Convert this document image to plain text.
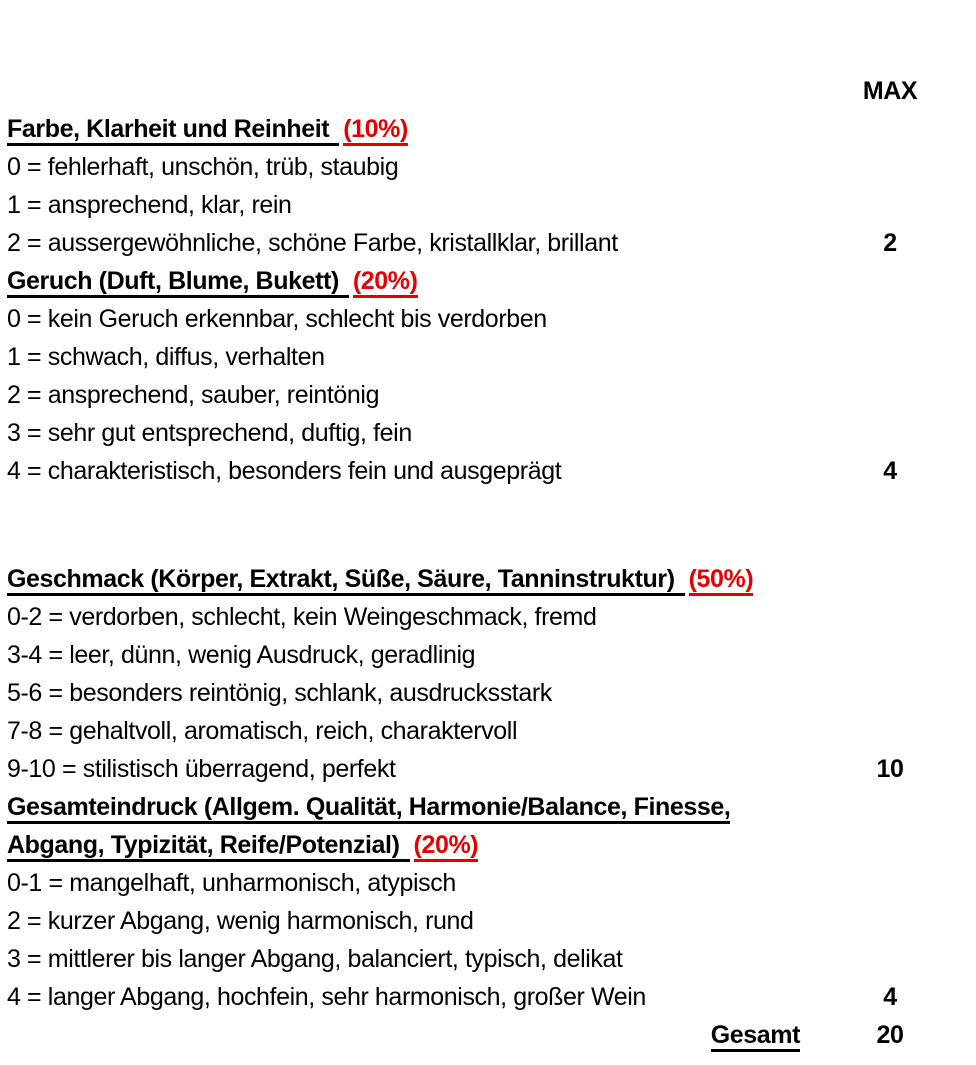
MAX
Farbe, Klarheit und Reinheit (10%)
0 = fehlerhaft, unschön, trüb, staubig
1 = ansprechend, klar, rein
2 = aussergewöhnliche, schöne Farbe, kristallklar, brillant	2
Geruch (Duft, Blume, Bukett) (20%)
0 = kein Geruch erkennbar, schlecht bis verdorben
1 = schwach, diffus, verhalten
2 = ansprechend, sauber, reintönig
3 = sehr gut entsprechend, duftig, fein
4 = charakteristisch, besonders fein und ausgeprägt	4
Geschmack (Körper, Extrakt, Süße, Säure, Tanninstruktur) (50%)
0-2 = verdorben, schlecht, kein Weingeschmack, fremd
3-4 = leer, dünn, wenig Ausdruck, geradlinig
5-6 = besonders reintönig, schlank, ausdrucksstark
7-8 = gehaltvoll, aromatisch, reich, charaktervoll
9-10 = stilistisch überragend, perfekt	10
Gesamteindruck (Allgem. Qualität, Harmonie/Balance, Finesse,
Abgang, Typizität, Reife/Potenzial) (20%)
0-1 = mangelhaft, unharmonisch, atypisch
2 = kurzer Abgang, wenig harmonisch, rund
3 = mittlerer bis langer Abgang, balanciert, typisch, delikat
4 = langer Abgang, hochfein, sehr harmonisch, großer Wein	4
Gesamt	20
